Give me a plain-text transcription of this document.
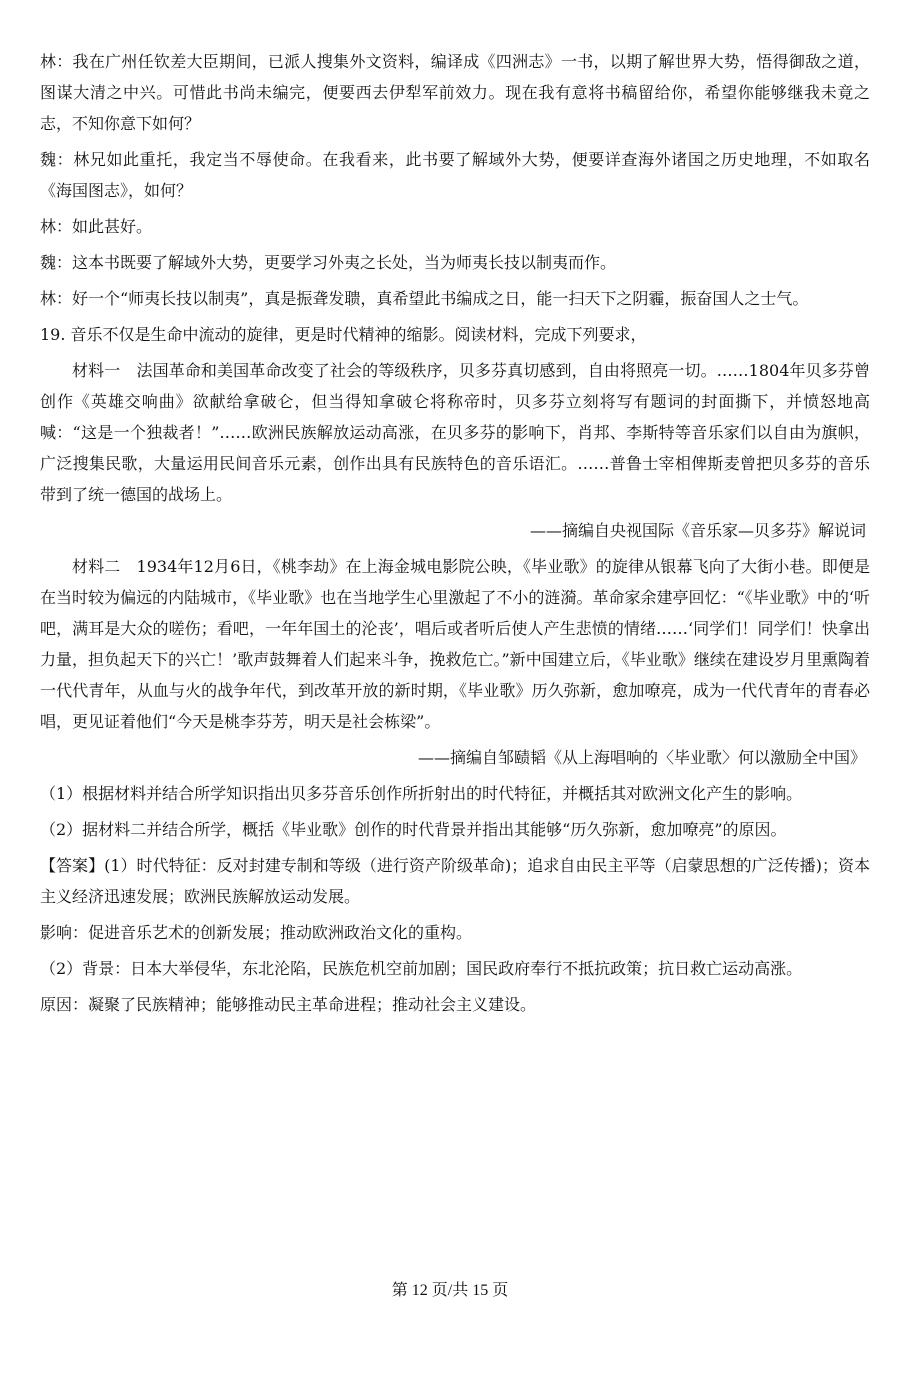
林：我在广州任钦差大臣期间，已派人搜集外文资料，编译成《四洲志》一书，以期了解世界大势，悟得御敌之道，图谋大清之中兴。可惜此书尚未编完，便要西去伊犁军前效力。现在我有意将书稿留给你，希望你能够继我未竟之志，不知你意下如何？

魏：林兄如此重托，我定当不辱使命。在我看来，此书要了解域外大势，便要详查海外诸国之历史地理，不如取名《海国图志》，如何？

林：如此甚好。

魏：这本书既要了解域外大势，更要学习外夷之长处，当为师夷长技以制夷而作。

林：好一个“师夷长技以制夷”，真是振聋发聩，真希望此书编成之日，能一扫天下之阴霾，振奋国人之士气。

19. 音乐不仅是生命中流动的旋律，更是时代精神的缩影。阅读材料，完成下列要求，

材料一　法国革命和美国革命改变了社会的等级秩序，贝多芬真切感到，自由将照亮一切。……1804年贝多芬曾创作《英雄交响曲》欲献给拿破仑，但当得知拿破仑将称帝时，贝多芬立刻将写有题词的封面撕下，并愤怒地高喊：“这是一个独裁者！”……欧洲民族解放运动高涨，在贝多芬的影响下，肖邦、李斯特等音乐家们以自由为旗帜，广泛搜集民歌，大量运用民间音乐元素，创作出具有民族特色的音乐语汇。……普鲁士宰相俾斯麦曾把贝多芬的音乐带到了统一德国的战场上。

——摘编自央视国际《音乐家—贝多芬》解说词

材料二　1934年12月6日，《桃李劫》在上海金城电影院公映，《毕业歌》的旋律从银幕飞向了大街小巷。即便是在当时较为偏远的内陆城市，《毕业歌》也在当地学生心里激起了不小的涟漪。革命家余建亭回忆：“《毕业歌》中的‘听吧，满耳是大众的嗟伤；看吧，一年年国土的沦丧’，唱后或者听后使人产生悲愤的情绪……‘同学们！同学们！快拿出力量，担负起天下的兴亡！’歌声鼓舞着人们起来斗争，挽救危亡。”新中国建立后，《毕业歌》继续在建设岁月里熏陶着一代代青年，从血与火的战争年代，到改革开放的新时期，《毕业歌》历久弥新，愈加嘹亮，成为一代代青年的青春必唱，更见证着他们“今天是桃李芬芳，明天是社会栋梁”。

——摘编自邹赜韬《从上海唱响的〈毕业歌〉何以激励全中国》

（1）根据材料并结合所学知识指出贝多芬音乐创作所折射出的时代特征，并概括其对欧洲文化产生的影响。

（2）据材料二并结合所学，概括《毕业歌》创作的时代背景并指出其能够“历久弥新，愈加嘹亮”的原因。

【答案】(1）时代特征：反对封建专制和等级（进行资产阶级革命)；追求自由民主平等（启蒙思想的广泛传播)；资本主义经济迅速发展；欧洲民族解放运动发展。

影响：促进音乐艺术的创新发展；推动欧洲政治文化的重构。

（2）背景：日本大举侵华，东北沦陷，民族危机空前加剧；国民政府奉行不抵抗政策；抗日救亡运动高涨。

原因：凝聚了民族精神；能够推动民主革命进程；推动社会主义建设。

第 12 页/共 15 页
